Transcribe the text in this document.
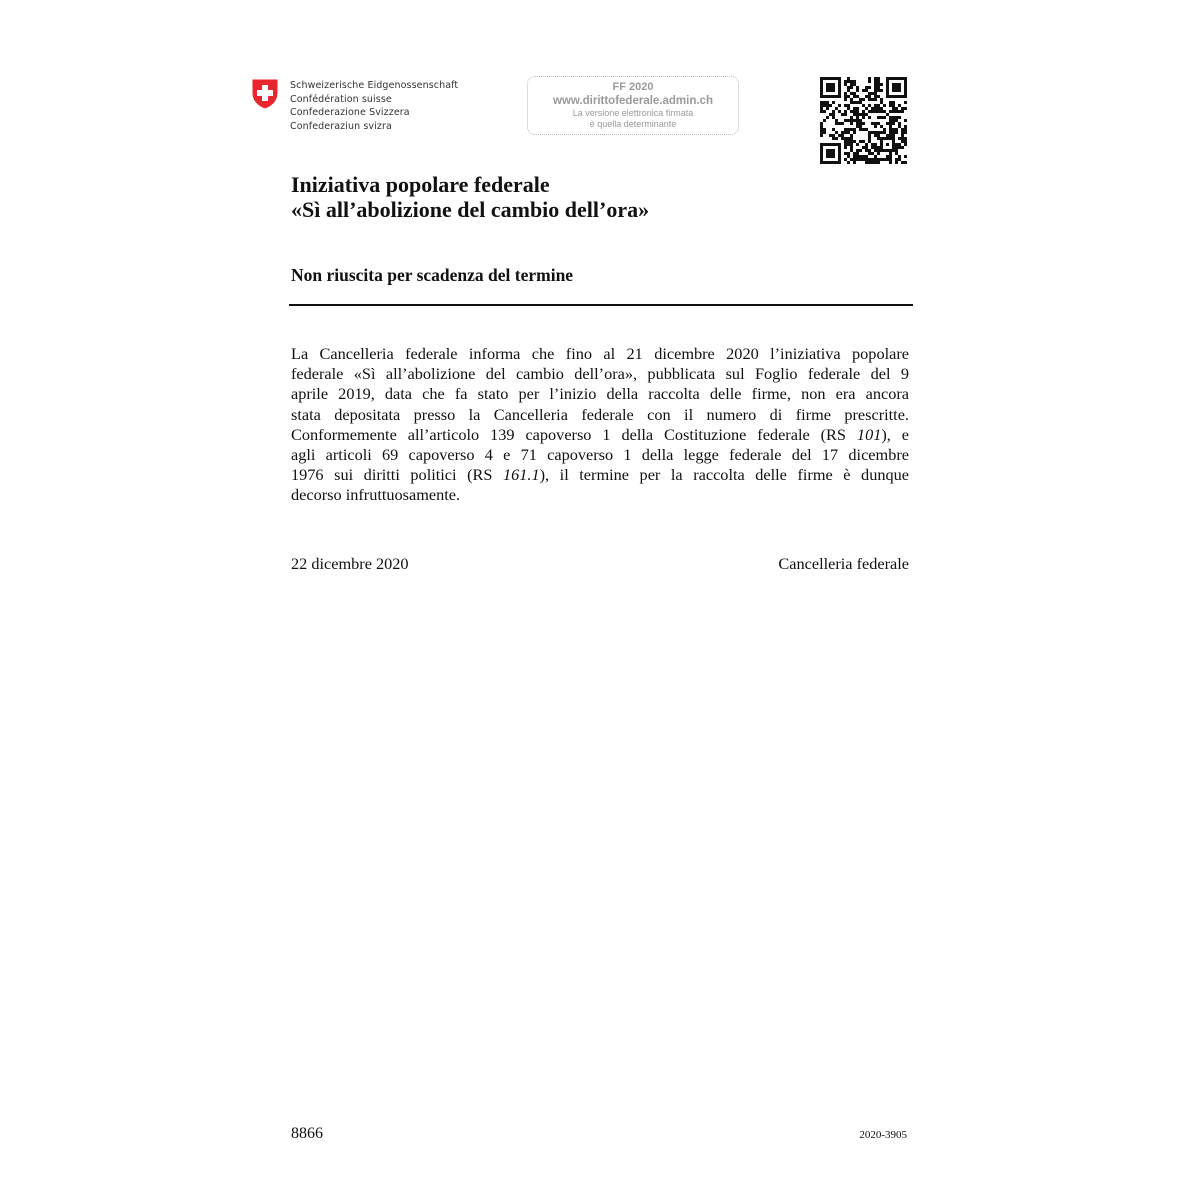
Schweizerische Eidgenossenschaft
Confédération suisse
Confederazione Svizzera
Confederaziun svizra
FF 2020
www.dirittofederale.admin.ch
La versione elettronica firmata
è quella determinante
Iniziativa popolare federale
«Sì all’abolizione del cambio dell’ora»
Non riuscita per scadenza del termine
La Cancelleria federale informa che fino al 21 dicembre 2020 l’iniziativa popolare
federale «Sì all’abolizione del cambio dell’ora», pubblicata sul Foglio federale del 9
aprile 2019, data che fa stato per l’inizio della raccolta delle firme, non era ancora
stata depositata presso la Cancelleria federale con il numero di firme prescritte.
Conformemente all’articolo 139 capoverso 1 della Costituzione federale (RS 101), e
agli articoli 69 capoverso 4 e 71 capoverso 1 della legge federale del 17 dicembre
1976 sui diritti politici (RS 161.1), il termine per la raccolta delle firme è dunque
decorso infruttuosamente.
22 dicembre 2020	Cancelleria federale
8866	2020-3905
